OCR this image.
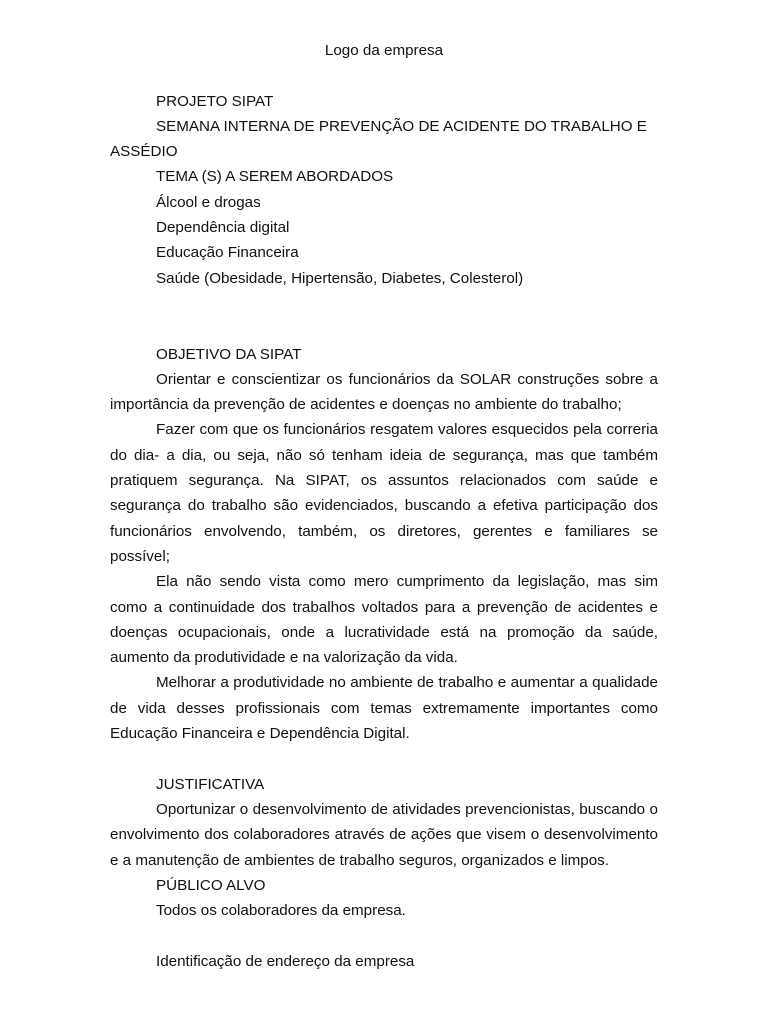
Logo da empresa
PROJETO SIPAT
SEMANA INTERNA DE PREVENÇÃO DE ACIDENTE DO TRABALHO E
ASSÉDIO
TEMA (S) A SEREM ABORDADOS
Álcool e drogas
Dependência digital
Educação Financeira
Saúde (Obesidade, Hipertensão, Diabetes, Colesterol)
OBJETIVO DA SIPAT
Orientar e conscientizar os funcionários da SOLAR construções sobre a importância da prevenção de acidentes e doenças no ambiente do trabalho;
Fazer com que os funcionários resgatem valores esquecidos pela correria do dia- a dia, ou seja, não só tenham ideia de segurança, mas que também pratiquem segurança. Na SIPAT, os assuntos relacionados com saúde e segurança do trabalho são evidenciados, buscando a efetiva participação dos funcionários envolvendo, também, os diretores, gerentes e familiares se possível;
Ela não sendo vista como mero cumprimento da legislação, mas sim como a continuidade dos trabalhos voltados para a prevenção de acidentes e doenças ocupacionais, onde a lucratividade está na promoção da saúde, aumento da produtividade e na valorização da vida.
Melhorar a produtividade no ambiente de trabalho e aumentar a qualidade de vida desses profissionais com temas extremamente importantes como Educação Financeira e Dependência Digital.
JUSTIFICATIVA
Oportunizar o desenvolvimento de atividades prevencionistas, buscando o envolvimento dos colaboradores através de ações que visem o desenvolvimento e a manutenção de ambientes de trabalho seguros, organizados e limpos.
PÚBLICO ALVO
Todos os colaboradores da empresa.
Identificação de endereço da empresa
